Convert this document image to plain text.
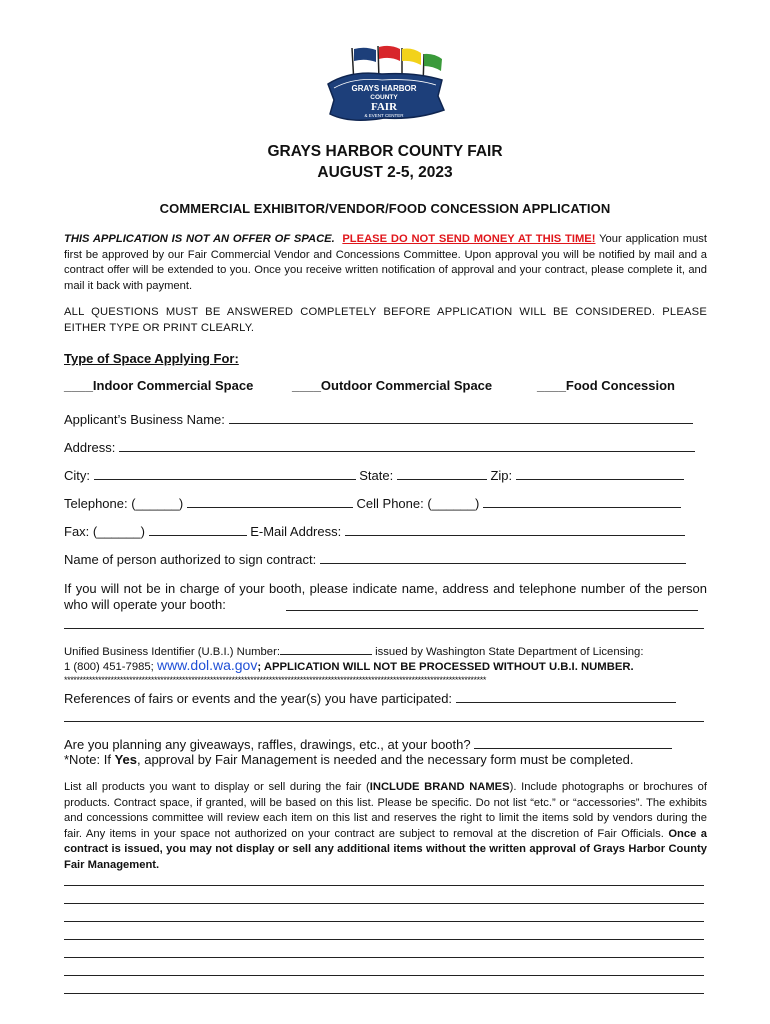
GRAYS HARBOR
COUNTY
FAIR
& EVENT CENTER
GRAYS HARBOR COUNTY FAIR
AUGUST 2-5, 2023
COMMERCIAL EXHIBITOR/VENDOR/FOOD CONCESSION APPLICATION
THIS APPLICATION IS NOT AN OFFER OF SPACE. PLEASE DO NOT SEND MONEY AT THIS TIME! Your application must first be approved by our Fair Commercial Vendor and Concessions Committee. Upon approval you will be notified by mail and a contract offer will be extended to you. Once you receive written notification of approval and your contract, please complete it, and mail it back with payment.
ALL QUESTIONS MUST BE ANSWERED COMPLETELY BEFORE APPLICATION WILL BE CONSIDERED. PLEASE EITHER TYPE OR PRINT CLEARLY.
Type of Space Applying For:
____Indoor Commercial Space	____Outdoor Commercial Space	____Food Concession
Applicant’s Business Name:
Address:
City:	State:	Zip:
Telephone: (______)	Cell Phone: (______)
Fax: (______)	E-Mail Address:
Name of person authorized to sign contract:
If you will not be in charge of your booth, please indicate name, address and telephone number of the person who will operate your booth:
Unified Business Identifier (U.B.I.) Number:	issued by Washington State Department of Licensing:
1 (800) 451-7985; www.dol.wa.gov; APPLICATION WILL NOT BE PROCESSED WITHOUT U.B.I. NUMBER.
****************************************************************************************************************************************
References of fairs or events and the year(s) you have participated:
Are you planning any giveaways, raffles, drawings, etc., at your booth?
*Note: If Yes, approval by Fair Management is needed and the necessary form must be completed.
List all products you want to display or sell during the fair (INCLUDE BRAND NAMES). Include photographs or brochures of products. Contract space, if granted, will be based on this list. Please be specific. Do not list “etc.” or “accessories”. The exhibits and concessions committee will review each item on this list and reserves the right to limit the items sold by vendors during the fair. Any items in your space not authorized on your contract are subject to removal at the discretion of Fair Officials. Once a contract is issued, you may not display or sell any additional items without the written approval of Grays Harbor County Fair Management.
